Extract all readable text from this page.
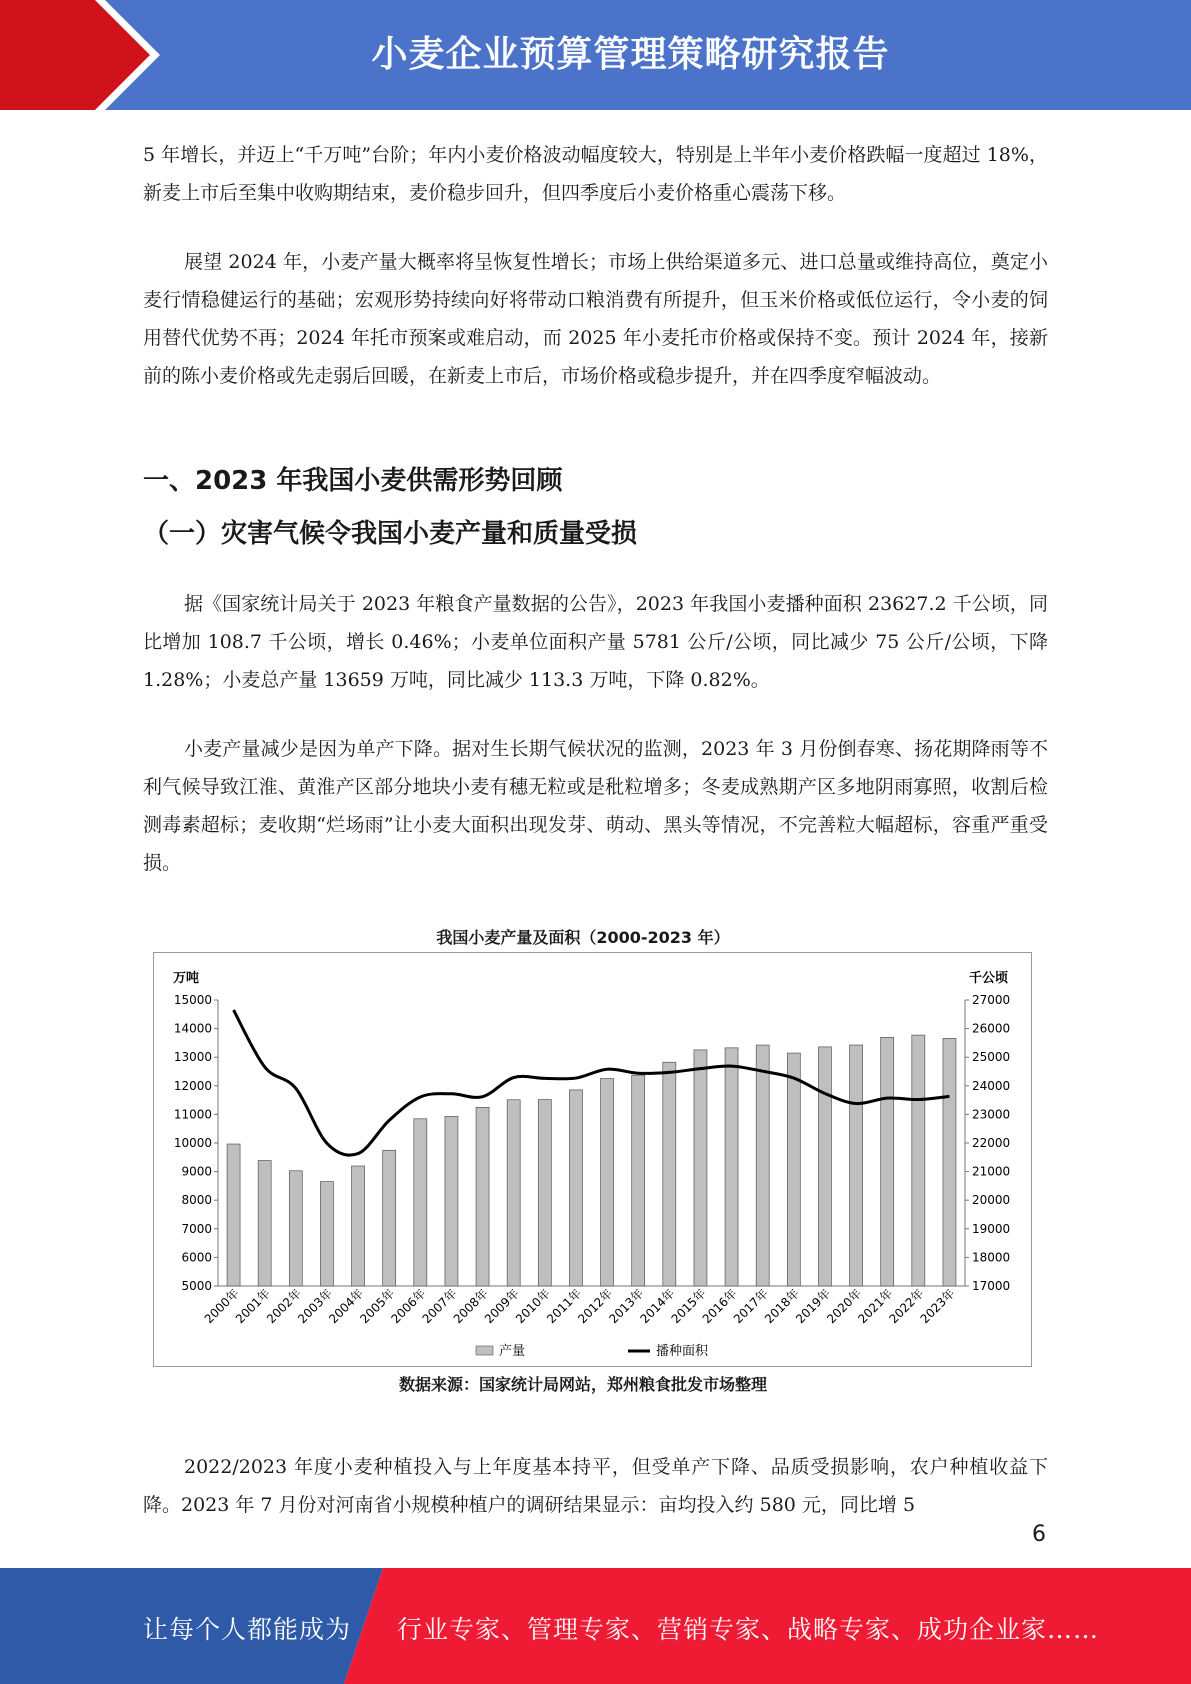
小麦企业预算管理策略研究报告

5 年增长，并迈上“千万吨”台阶；年内小麦价格波动幅度较大，特别是上半年小麦价格跌幅一度超过 18%，新麦上市后至集中收购期结束，麦价稳步回升，但四季度后小麦价格重心震荡下移。

展望 2024 年，小麦产量大概率将呈恢复性增长；市场上供给渠道多元、进口总量或维持高位，奠定小麦行情稳健运行的基础；宏观形势持续向好将带动口粮消费有所提升，但玉米价格或低位运行，令小麦的饲用替代优势不再；2024 年托市预案或难启动，而 2025 年小麦托市价格或保持不变。预计 2024 年，接新前的陈小麦价格或先走弱后回暖，在新麦上市后，市场价格或稳步提升，并在四季度窄幅波动。

一、2023 年我国小麦供需形势回顾
（一）灾害气候令我国小麦产量和质量受损

据《国家统计局关于 2023 年粮食产量数据的公告》，2023 年我国小麦播种面积 23627.2 千公顷，同比增加 108.7 千公顷，增长 0.46%；小麦单位面积产量 5781 公斤/公顷，同比减少 75 公斤/公顷，下降 1.28%；小麦总产量 13659 万吨，同比减少 113.3 万吨，下降 0.82%。

小麦产量减少是因为单产下降。据对生长期气候状况的监测，2023 年 3 月份倒春寒、扬花期降雨等不利气候导致江淮、黄淮产区部分地块小麦有穗无粒或是秕粒增多；冬麦成熟期产区多地阴雨寡照，收割后检测毒素超标；麦收期“烂场雨”让小麦大面积出现发芽、萌动、黑头等情况，不完善粒大幅超标，容重严重受损。

我国小麦产量及面积（2000-2023 年）
万吨	千公顷
15000
14000
13000
12000
11000
10000
9000
8000
7000
6000
5000
27000
26000
25000
24000
23000
22000
21000
20000
19000
18000
17000
2000年
2001年
2002年
2003年
2004年
2005年
2006年
2007年
2008年
2009年
2010年
2011年
2012年
2013年
2014年
2015年
2016年
2017年
2018年
2019年
2020年
2021年
2022年
2023年
产量	播种面积
数据来源：国家统计局网站，郑州粮食批发市场整理

2022/2023 年度小麦种植投入与上年度基本持平，但受单产下降、品质受损影响，农户种植收益下降。2023 年 7 月份对河南省小规模种植户的调研结果显示：亩均投入约 580 元，同比增 5

6
让每个人都能成为 行业专家、管理专家、营销专家、战略专家、成功企业家……
